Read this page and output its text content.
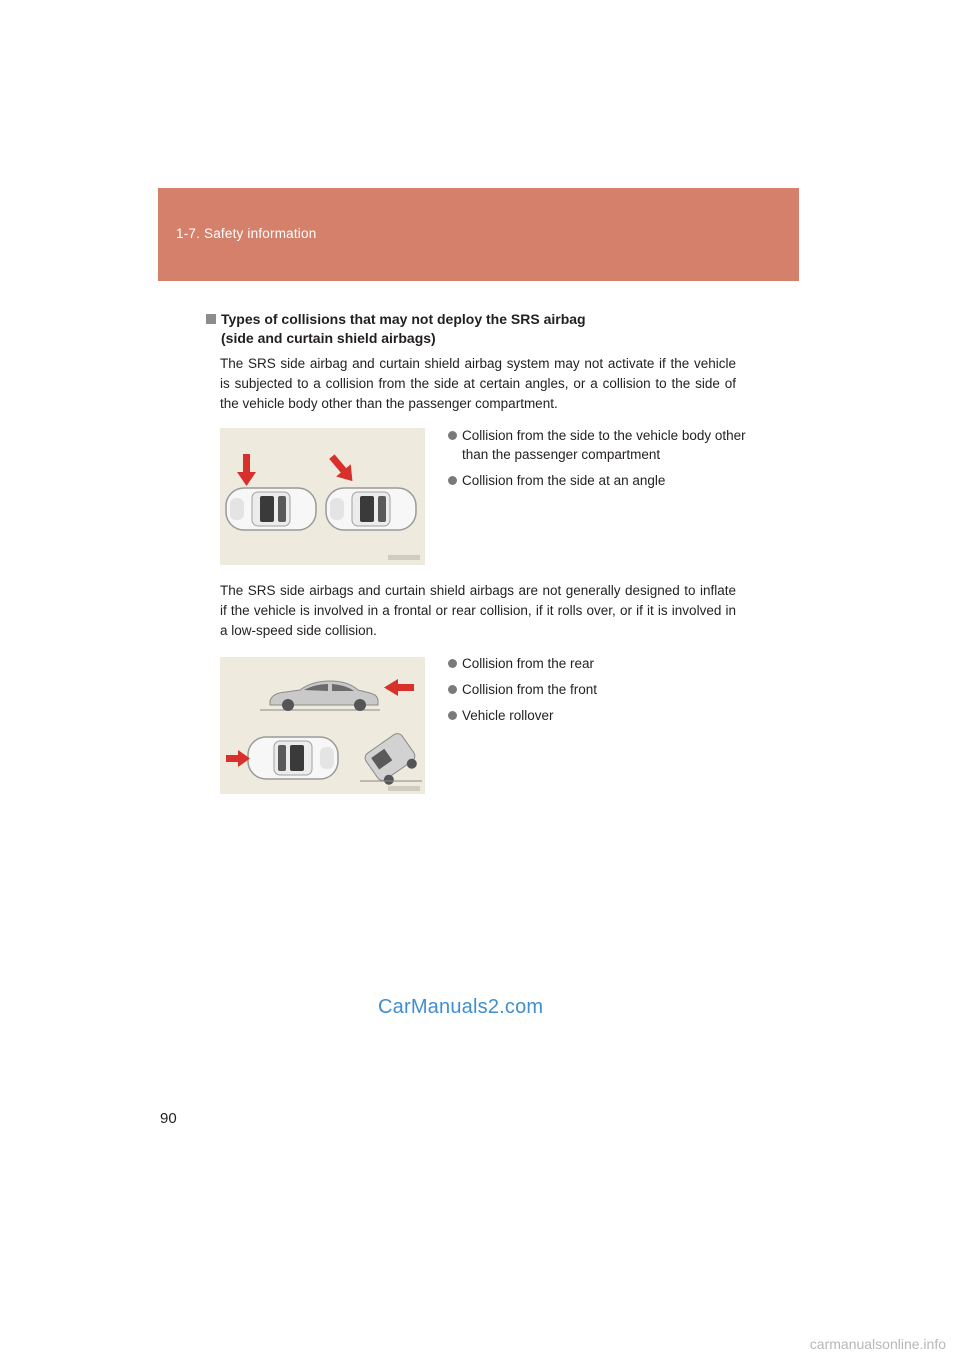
1-7. Safety information
Types of collisions that may not deploy the SRS airbag
(side and curtain shield airbags)
The SRS side airbag and curtain shield airbag system may not activate if the vehicle is subjected to a collision from the side at certain angles, or a collision to the side of the vehicle body other than the passenger compartment.
Collision from the side to the vehicle body other than the passenger compartment
Collision from the side at an angle
The SRS side airbags and curtain shield airbags are not generally designed to inflate if the vehicle is involved in a frontal or rear collision, if it rolls over, or if it is involved in a low-speed side collision.
Collision from the rear
Collision from the front
Vehicle rollover
CarManuals2.com
90
carmanualsonline.info
